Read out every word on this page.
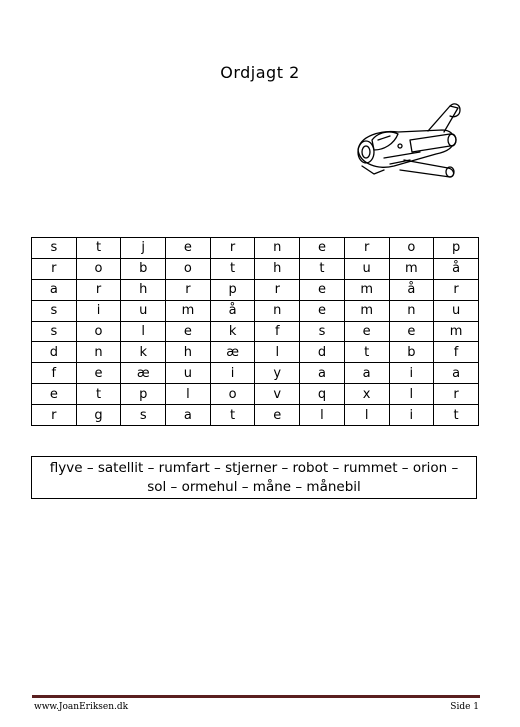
Ordjagt 2
s	t	j	e	r	n	e	r	o	p
r	o	b	o	t	h	t	u	m	å
a	r	h	r	p	r	e	m	å	r
s	i	u	m	å	n	e	m	n	u
s	o	l	e	k	f	s	e	e	m
d	n	k	h	æ	l	d	t	b	f
f	e	æ	u	i	y	a	a	i	a
e	t	p	l	o	v	q	x	l	r
r	g	s	a	t	e	l	l	i	t
flyve – satellit – rumfart – stjerner – robot – rummet – orion –
sol – ormehul – måne – månebil
www.JoanEriksen.dk	Side 1
